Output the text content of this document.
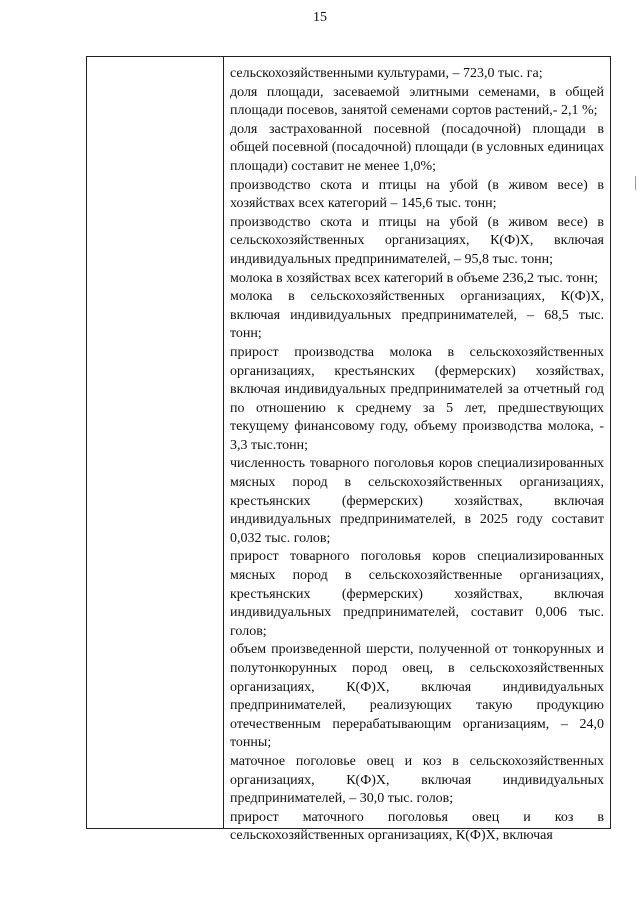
15

сельскохозяйственными культурами, – 723,0 тыс. га;

доля площади, засеваемой элитными семенами, в общей площади посевов, занятой семенами сортов растений,- 2,1 %;

доля застрахованной посевной (посадочной) площади в общей посевной (посадочной) площади (в условных единицах площади) составит не менее 1,0%;

производство скота и птицы на убой (в живом весе) в хозяйствах всех категорий – 145,6 тыс. тонн;

производство скота и птицы на убой (в живом весе) в сельскохозяйственных организациях, К(Ф)Х, включая индивидуальных предпринимателей, – 95,8 тыс. тонн;

молока в хозяйствах всех категорий в объеме 236,2 тыс. тонн;

молока в сельскохозяйственных организациях, К(Ф)Х, включая индивидуальных предпринимателей, – 68,5 тыс. тонн;

прирост производства молока в сельскохозяйственных организациях, крестьянских (фермерских) хозяйствах, включая индивидуальных предпринимателей за отчетный год по отношению к среднему за 5 лет, предшествующих текущему финансовому году, объему производства молока, - 3,3 тыс.тонн;

численность товарного поголовья коров специализированных мясных пород в сельскохозяйственных организациях, крестьянских (фермерских) хозяйствах, включая индивидуальных предпринимателей, в 2025 году составит 0,032 тыс. голов;

прирост товарного поголовья коров специализированных мясных пород в сельскохозяйственные организациях, крестьянских (фермерских) хозяйствах, включая индивидуальных предпринимателей, составит 0,006 тыс. голов;

объем произведенной шерсти, полученной от тонкорунных и полутонкорунных пород овец, в сельскохозяйственных организациях, К(Ф)Х, включая индивидуальных предпринимателей, реализующих такую продукцию отечественным перерабатывающим организациям, – 24,0 тонны;

маточное поголовье овец и коз в сельскохозяйственных организациях, К(Ф)Х, включая индивидуальных предпринимателей, – 30,0 тыс. голов;

прирост маточного поголовья овец и коз в сельскохозяйственных организациях, К(Ф)Х, включая
